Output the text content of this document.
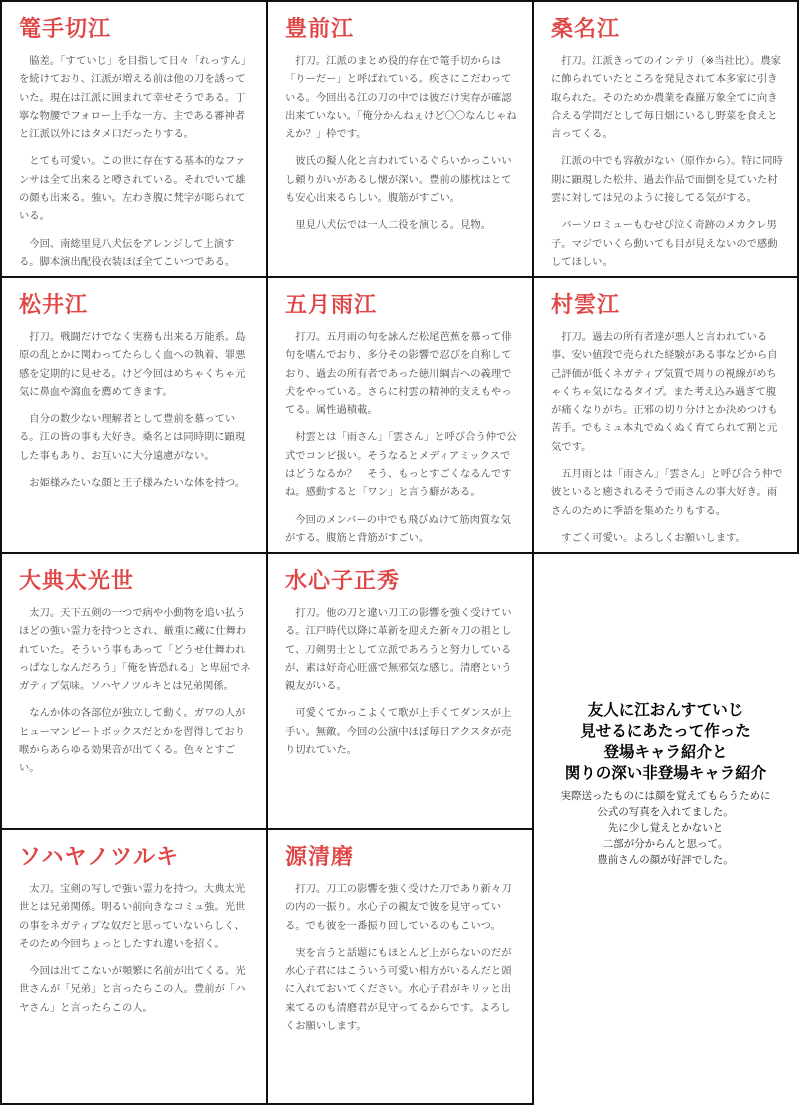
篭手切江

脇差。「すていじ」を目指して日々「れっすん」を続けており、江派が増える前は他の刀を誘っていた。現在は江派に囲まれて幸せそうである。丁寧な物腰でフォロー上手な一方、主である審神者と江派以外にはタメ口だったりする。

とても可愛い。この世に存在する基本的なファンサは全て出来ると噂されている。それでいて雄の顔も出来る。強い。左わき腹に梵字が彫られている。

今回、南総里見八犬伝をアレンジして上演する。脚本演出配役衣装ほぼ全てこいつである。

豊前江

打刀。江派のまとめ役的存在で篭手切からは「りーだー」と呼ばれている。疾さにこだわっている。今回出る江の刀の中では彼だけ実存が確認出来ていない。「俺分かんねぇけど〇〇なんじゃねえか？」枠です。

彼氏の擬人化と言われているぐらいかっこいいし頼りがいがあるし懐が深い。豊前の膝枕はとても安心出来るらしい。腹筋がすごい。

里見八犬伝では一人二役を演じる。見物。

桑名江

打刀。江派きってのインテリ（※当社比）。農家に飾られていたところを発見されて本多家に引き取られた。そのためか農業を森羅万象全てに向き合える学問だとして毎日畑にいるし野菜を食えと言ってくる。

江派の中でも容赦がない（原作から）。特に同時期に顕現した松井、過去作品で面倒を見ていた村雲に対しては兄のように接してる気がする。

バーソロミューもむせび泣く奇跡のメカクレ男子。マジでいくら動いても目が見えないので感動してほしい。

松井江

打刀。戦闘だけでなく実務も出来る万能系。島原の乱とかに関わってたらしく血への執着、罪悪感を定期的に見せる。けど今回はめちゃくちゃ元気に鼻血や瀉血を薦めてきます。

自分の数少ない理解者として豊前を慕っている。江の皆の事も大好き。桑名とは同時期に顕現した事もあり、お互いに大分遠慮がない。

お姫様みたいな顔と王子様みたいな体を持つ。

五月雨江

打刀。五月雨の句を詠んだ松尾芭蕉を慕って俳句を嗜んでおり、多分その影響で忍びを自称しており、過去の所有者であった徳川綱吉への義理で犬をやっている。さらに村雲の精神的支えもやってる。属性過積載。

村雲とは「雨さん」「雲さん」と呼び合う仲で公式でコンビ扱い。そうなるとメディアミックスではどうなるか？　そう、もっとすごくなるんですね。感動すると「ワン」と言う癖がある。

今回のメンバーの中でも飛びぬけて筋肉質な気がする。腹筋と背筋がすごい。

村雲江

打刀。過去の所有者達が悪人と言われている事、安い値段で売られた経験がある事などから自己評価が低くネガティブ気質で周りの視線がめちゃくちゃ気になるタイプ。また考え込み過ぎて腹が痛くなりがち。正邪の切り分けとか決めつけも苦手。でもミュ本丸でぬくぬく育てられて割と元気です。

五月雨とは「雨さん」「雲さん」と呼び合う仲で彼といると癒されるそうで雨さんの事大好き。雨さんのために季語を集めたりもする。

すごく可愛い。よろしくお願いします。

大典太光世

太刀。天下五剣の一つで病や小動物を追い払うほどの強い霊力を持つとされ、厳重に蔵に仕舞われていた。そういう事もあって「どうせ仕舞われっぱなしなんだろう」「俺を皆恐れる」と卑屈でネガティブ気味。ソハヤノツルキとは兄弟関係。

なんか体の各部位が独立して動く。ガワの人がヒューマンビートボックスだとかを習得しており喉からあらゆる効果音が出てくる。色々とすごい。

水心子正秀

打刀。他の刀と違い刀工の影響を強く受けている。江戸時代以降に革新を迎えた新々刀の祖として、刀剣男士として立派であろうと努力しているが、素は好奇心旺盛で無邪気な感じ。清磨という親友がいる。

可愛くてかっこよくて歌が上手くてダンスが上手い。無敵。今回の公演中ほぼ毎日アクスタが売り切れていた。

ソハヤノツルキ

太刀。宝剣の写しで強い霊力を持つ。大典太光世とは兄弟関係。明るい前向きなコミュ強。光世の事をネガティブな奴だと思っていないらしく、そのため今回ちょっとしたすれ違いを招く。

今回は出てこないが頻繁に名前が出てくる。光世さんが「兄弟」と言ったらこの人。豊前が「ハヤさん」と言ったらこの人。

源清磨

打刀。刀工の影響を強く受けた刀であり新々刀の内の一振り。水心子の親友で彼を見守っている。でも彼を一番振り回しているのもこいつ。

実を言うと話題にもほとんど上がらないのだが水心子君にはこういう可愛い相方がいるんだと頭に入れておいてください。水心子君がキリッと出来てるのも清磨君が見守ってるからです。よろしくお願いします。

友人に江おんすていじ
見せるにあたって作った
登場キャラ紹介と
関りの深い非登場キャラ紹介
実際送ったものには顔を覚えてもらうために
公式の写真を入れてました。
先に少し覚えとかないと
二部が分からんと思って。
豊前さんの顔が好評でした。
